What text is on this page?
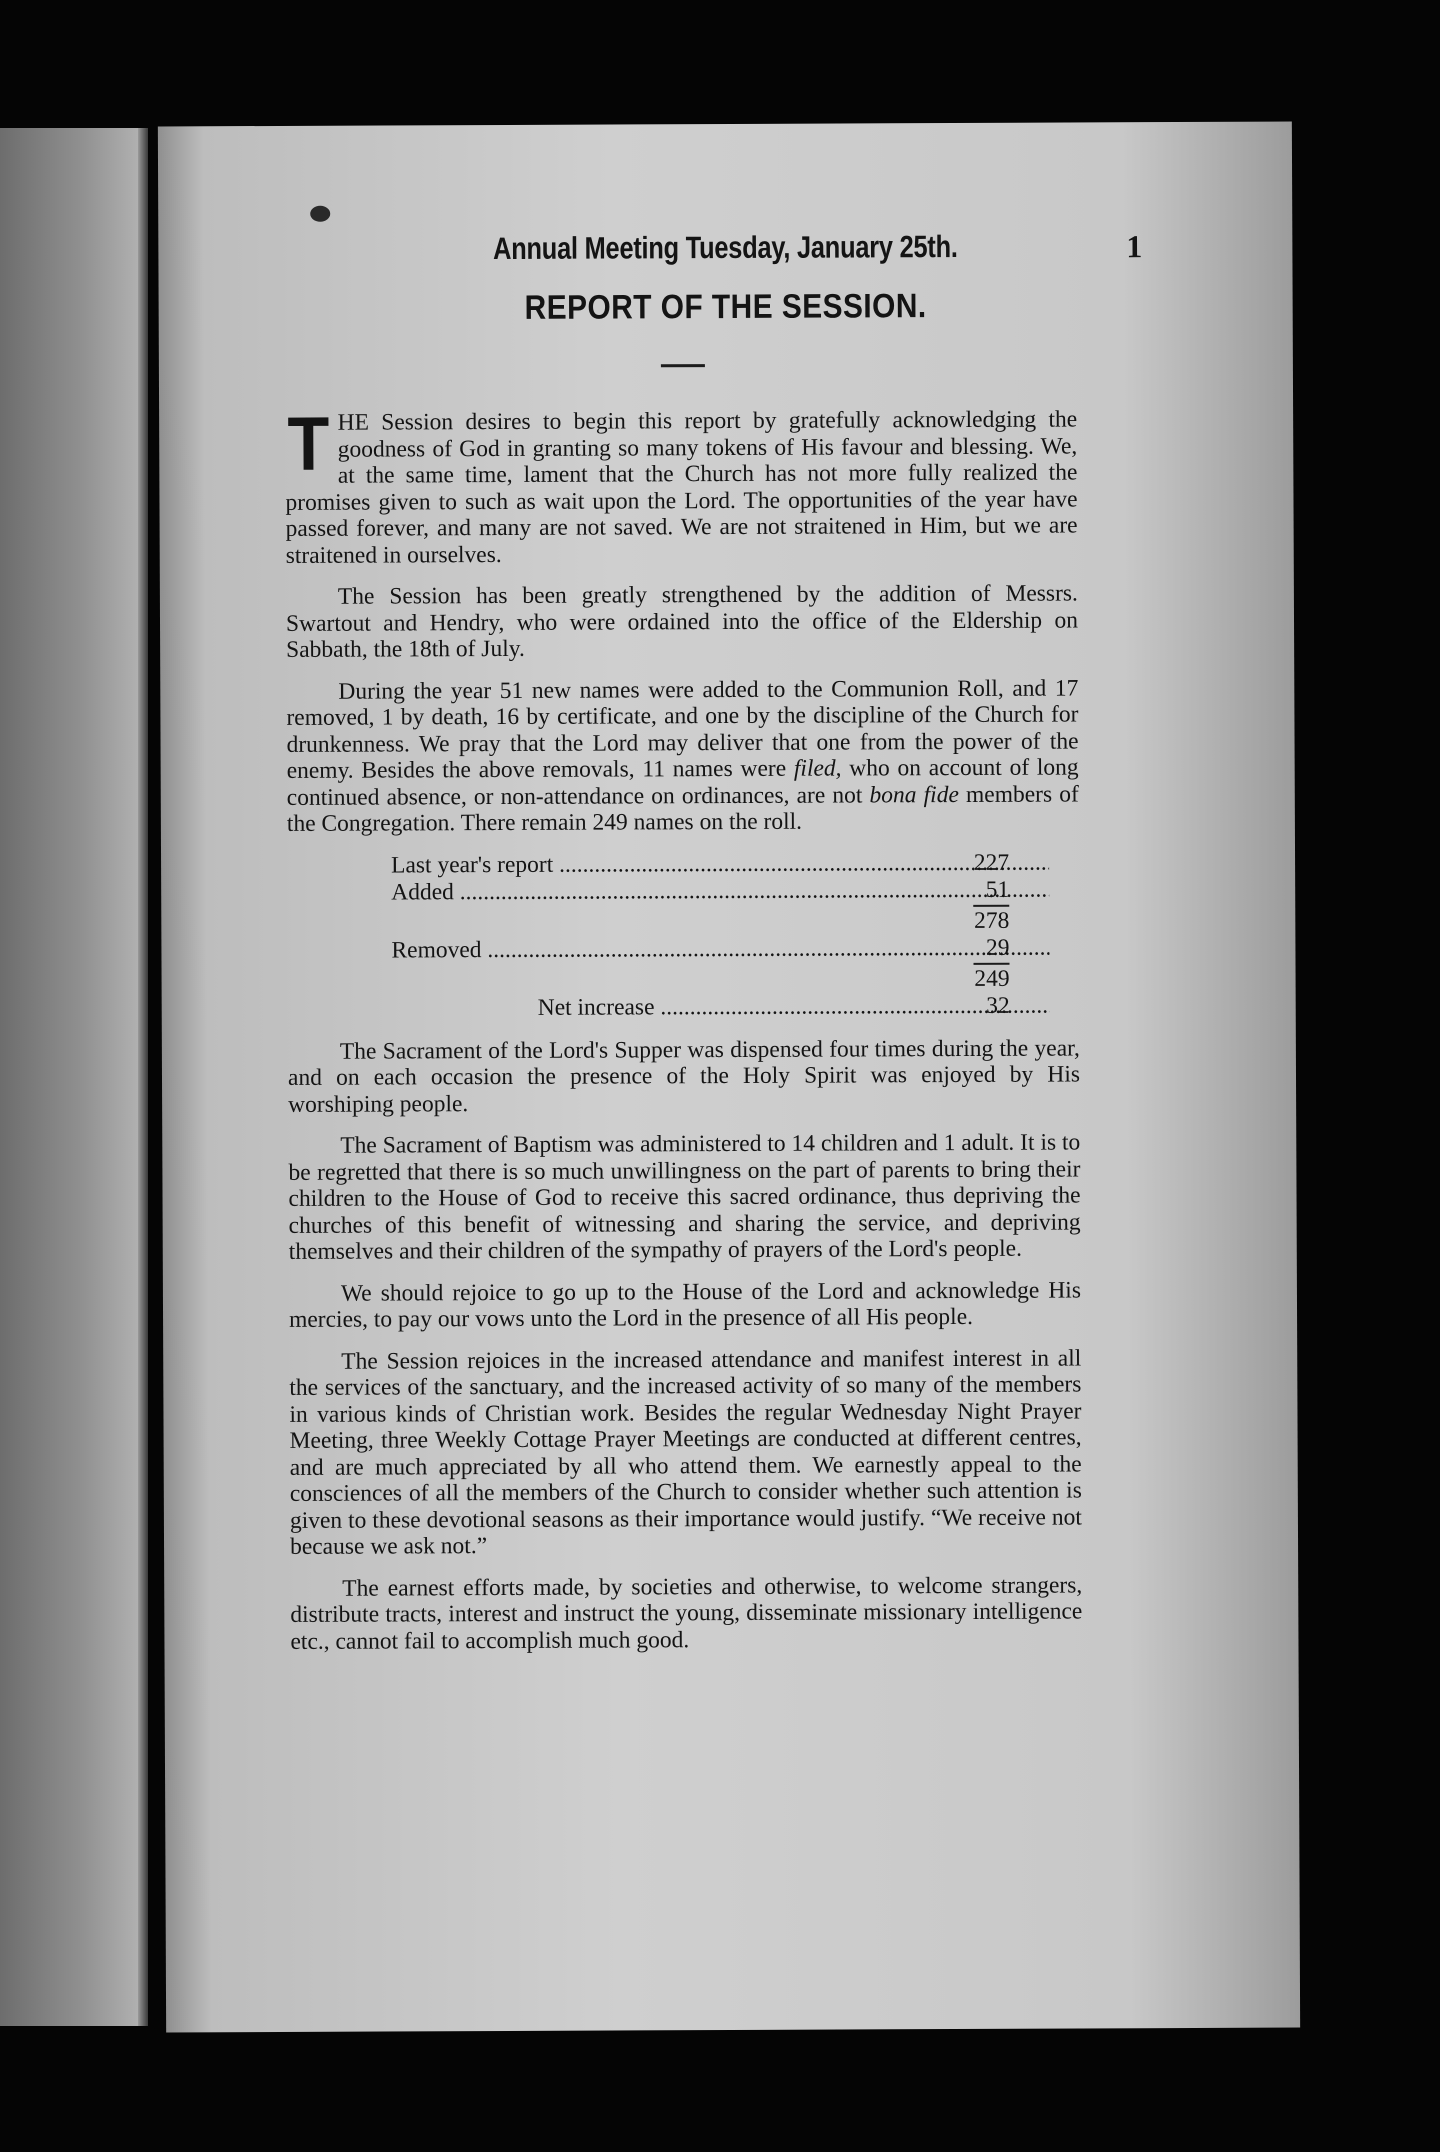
Annual Meeting Tuesday, January 25th.	1
REPORT OF THE SESSION.

THE Session desires to begin this report by gratefully acknowledging the goodness of God in granting so many tokens of His favour and blessing. We, at the same time, lament that the Church has not more fully realized the promises given to such as wait upon the Lord. The opportunities of the year have passed forever, and many are not saved. We are not straitened in Him, but we are straitened in ourselves.

The Session has been greatly strengthened by the addition of Messrs. Swartout and Hendry, who were ordained into the office of the Eldership on Sabbath, the 18th of July.

During the year 51 new names were added to the Communion Roll, and 17 removed, 1 by death, 16 by certificate, and one by the discipline of the Church for drunkenness. We pray that the Lord may deliver that one from the power of the enemy. Besides the above removals, 11 names were filed, who on account of long continued absence, or non-attendance on ordinances, are not bona fide members of the Congregation. There remain 249 names on the roll.

Last year's report .....	227
Added .....	51
278
Removed .....	29
249
Net increase .....	32

The Sacrament of the Lord's Supper was dispensed four times during the year, and on each occasion the presence of the Holy Spirit was enjoyed by His worshiping people.

The Sacrament of Baptism was administered to 14 children and 1 adult. It is to be regretted that there is so much unwillingness on the part of parents to bring their children to the House of God to receive this sacred ordinance, thus depriving the churches of this benefit of witnessing and sharing the service, and depriving themselves and their children of the sympathy of prayers of the Lord's people.

We should rejoice to go up to the House of the Lord and acknowledge His mercies, to pay our vows unto the Lord in the presence of all His people.

The Session rejoices in the increased attendance and manifest interest in all the services of the sanctuary, and the increased activity of so many of the members in various kinds of Christian work. Besides the regular Wednesday Night Prayer Meeting, three Weekly Cottage Prayer Meetings are conducted at different centres, and are much appreciated by all who attend them. We earnestly appeal to the consciences of all the members of the Church to consider whether such attention is given to these devotional seasons as their importance would justify. “We receive not because we ask not.”

The earnest efforts made, by societies and otherwise, to welcome strangers, distribute tracts, interest and instruct the young, disseminate missionary intelligence etc., cannot fail to accomplish much good.
